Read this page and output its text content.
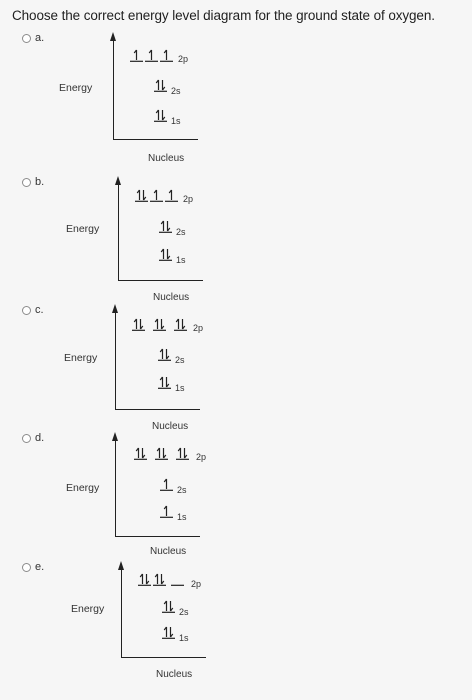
Choose the correct energy level diagram for the ground state of oxygen.
a.
Energy
Nucleus
2p
2s
1s
b.
Energy
Nucleus
2p
2s
1s
c.
Energy
Nucleus
2p
2s
1s
d.
Energy
Nucleus
2p
2s
1s
e.
Energy
Nucleus
2p
2s
1s
